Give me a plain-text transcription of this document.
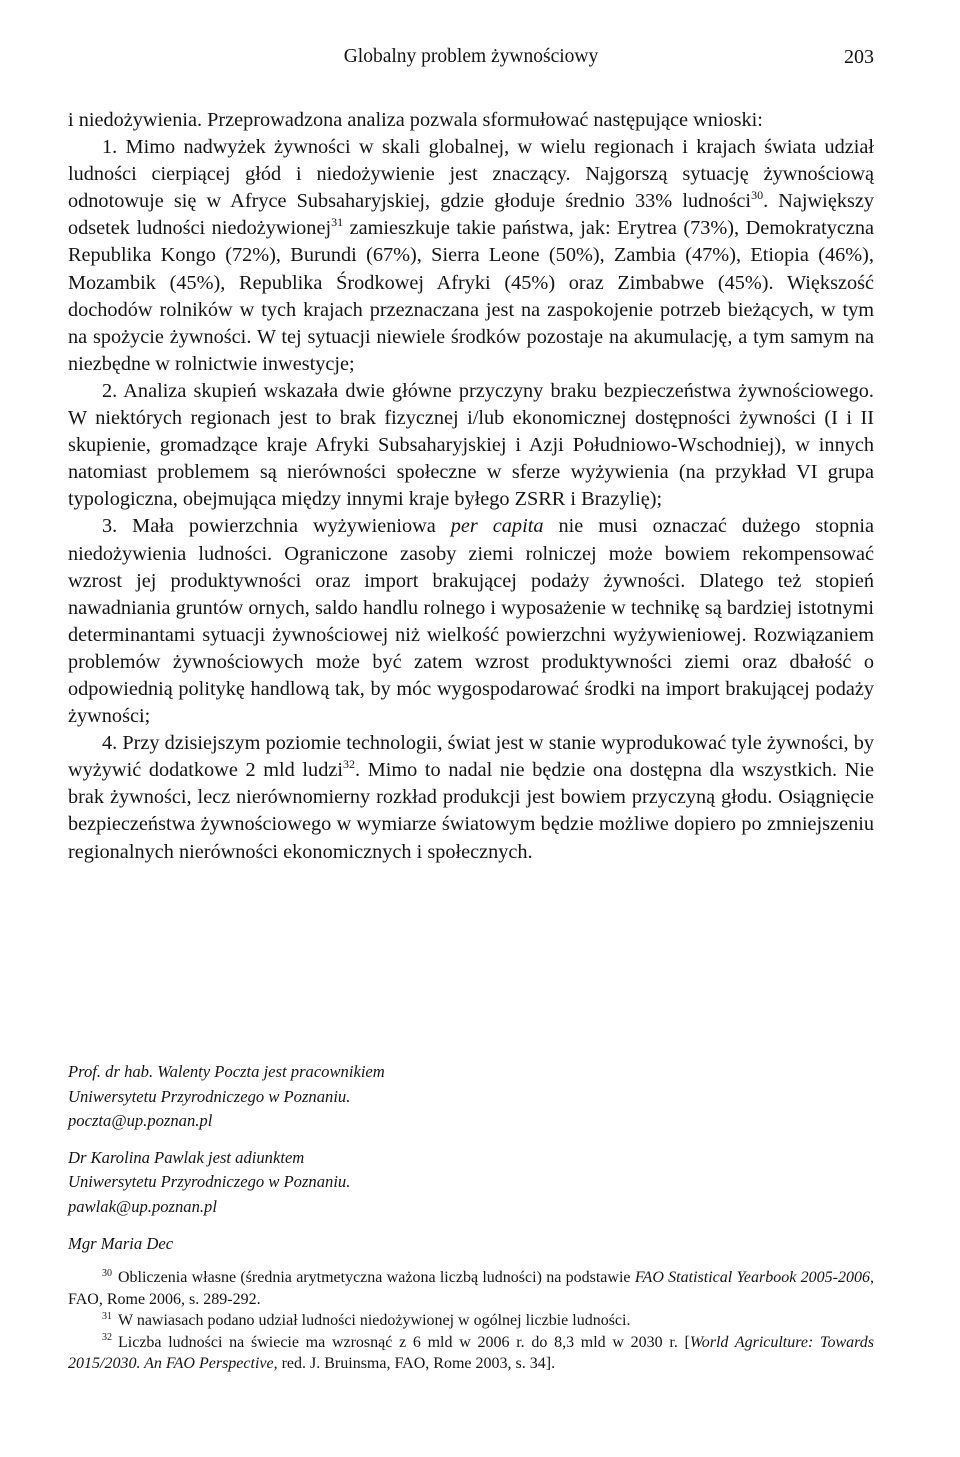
Globalny problem żywnościowy	203

i niedożywienia. Przeprowadzona analiza pozwala sformułować następujące wnioski:

1. Mimo nadwyżek żywności w skali globalnej, w wielu regionach i krajach świata udział ludności cierpiącej głód i niedożywienie jest znaczący. Najgorszą sytuację żywnościową odnotowuje się w Afryce Subsaharyjskiej, gdzie głoduje średnio 33% ludności$^{30}$. Największy odsetek ludności niedożywionej$^{31}$ zamieszkuje takie państwa, jak: Erytrea (73%), Demokratyczna Republika Kongo (72%), Burundi (67%), Sierra Leone (50%), Zambia (47%), Etiopia (46%), Mozambik (45%), Republika Środkowej Afryki (45%) oraz Zimbabwe (45%). Większość dochodów rolników w tych krajach przeznaczana jest na zaspokojenie potrzeb bieżących, w tym na spożycie żywności. W tej sytuacji niewiele środków pozostaje na akumulację, a tym samym na niezbędne w rolnictwie inwestycje;

2. Analiza skupień wskazała dwie główne przyczyny braku bezpieczeństwa żywnościowego. W niektórych regionach jest to brak fizycznej i/lub ekonomicznej dostępności żywności (I i II skupienie, gromadzące kraje Afryki Subsaharyjskiej i Azji Południowo-Wschodniej), w innych natomiast problemem są nierówności społeczne w sferze wyżywienia (na przykład VI grupa typologiczna, obejmująca między innymi kraje byłego ZSRR i Brazylię);

3. Mała powierzchnia wyżywieniowa per capita nie musi oznaczać dużego stopnia niedożywienia ludności. Ograniczone zasoby ziemi rolniczej może bowiem rekompensować wzrost jej produktywności oraz import brakującej podaży żywności. Dlatego też stopień nawadniania gruntów ornych, saldo handlu rolnego i wyposażenie w technikę są bardziej istotnymi determinantami sytuacji żywnościowej niż wielkość powierzchni wyżywieniowej. Rozwiązaniem problemów żywnościowych może być zatem wzrost produktywności ziemi oraz dbałość o odpowiednią politykę handlową tak, by móc wygospodarować środki na import brakującej podaży żywności;

4. Przy dzisiejszym poziomie technologii, świat jest w stanie wyprodukować tyle żywności, by wyżywić dodatkowe 2 mld ludzi$^{32}$. Mimo to nadal nie będzie ona dostępna dla wszystkich. Nie brak żywności, lecz nierównomierny rozkład produkcji jest bowiem przyczyną głodu. Osiągnięcie bezpieczeństwa żywnościowego w wymiarze światowym będzie możliwe dopiero po zmniejszeniu regionalnych nierówności ekonomicznych i społecznych.

Prof. dr hab. Walenty Poczta jest pracownikiem
Uniwersytetu Przyrodniczego w Poznaniu.
poczta@up.poznan.pl
Dr Karolina Pawlak jest adiunktem
Uniwersytetu Przyrodniczego w Poznaniu.
pawlak@up.poznan.pl
Mgr Maria Dec

$^{30}$ Obliczenia własne (średnia arytmetyczna ważona liczbą ludności) na podstawie FAO Statistical Yearbook 2005-2006, FAO, Rome 2006, s. 289-292.

$^{31}$ W nawiasach podano udział ludności niedożywionej w ogólnej liczbie ludności.

$^{32}$ Liczba ludności na świecie ma wzrosnąć z 6 mld w 2006 r. do 8,3 mld w 2030 r. [World Agriculture: Towards 2015/2030. An FAO Perspective, red. J. Bruinsma, FAO, Rome 2003, s. 34].
